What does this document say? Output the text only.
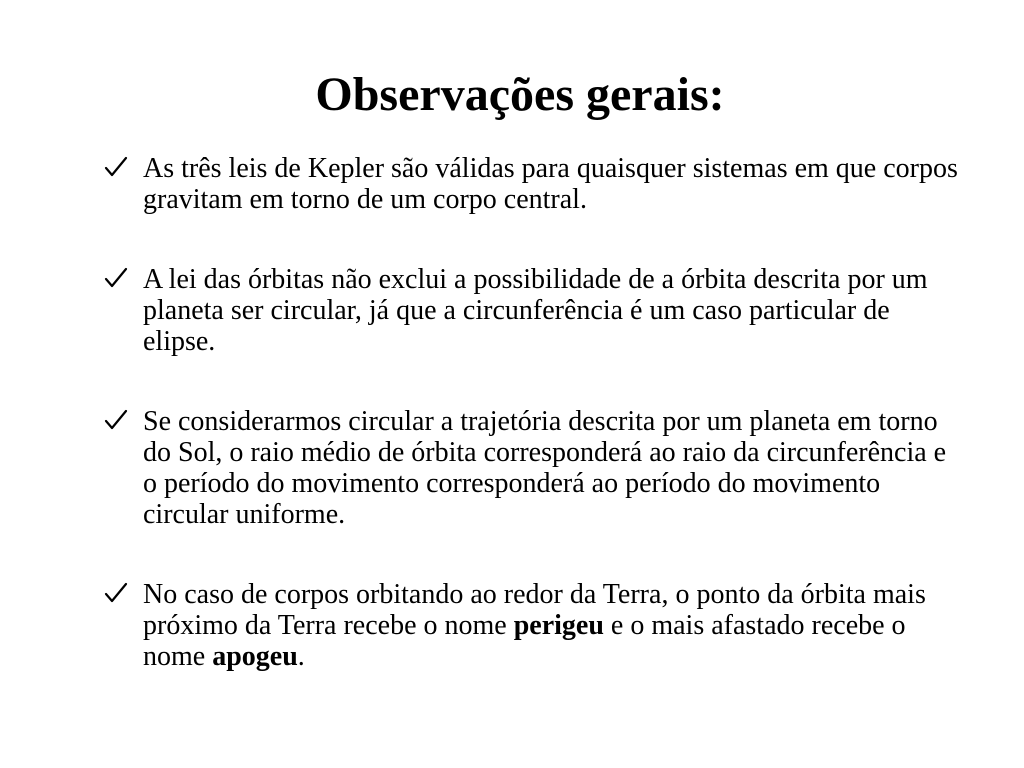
Observações gerais:
As três leis de Kepler são válidas para quaisquer sistemas em que corpos gravitam em torno de um corpo central.
A lei das órbitas não exclui a possibilidade de a órbita descrita por um planeta ser circular, já que a circunferência é um caso particular de elipse.
Se considerarmos circular a trajetória descrita por um planeta em torno do Sol, o raio médio de órbita corresponderá ao raio da circunferência e o período do movimento corresponderá ao período do movimento circular uniforme.
No caso de corpos orbitando ao redor da Terra, o ponto da órbita mais próximo da Terra recebe o nome perigeu e o mais afastado recebe o nome apogeu.
